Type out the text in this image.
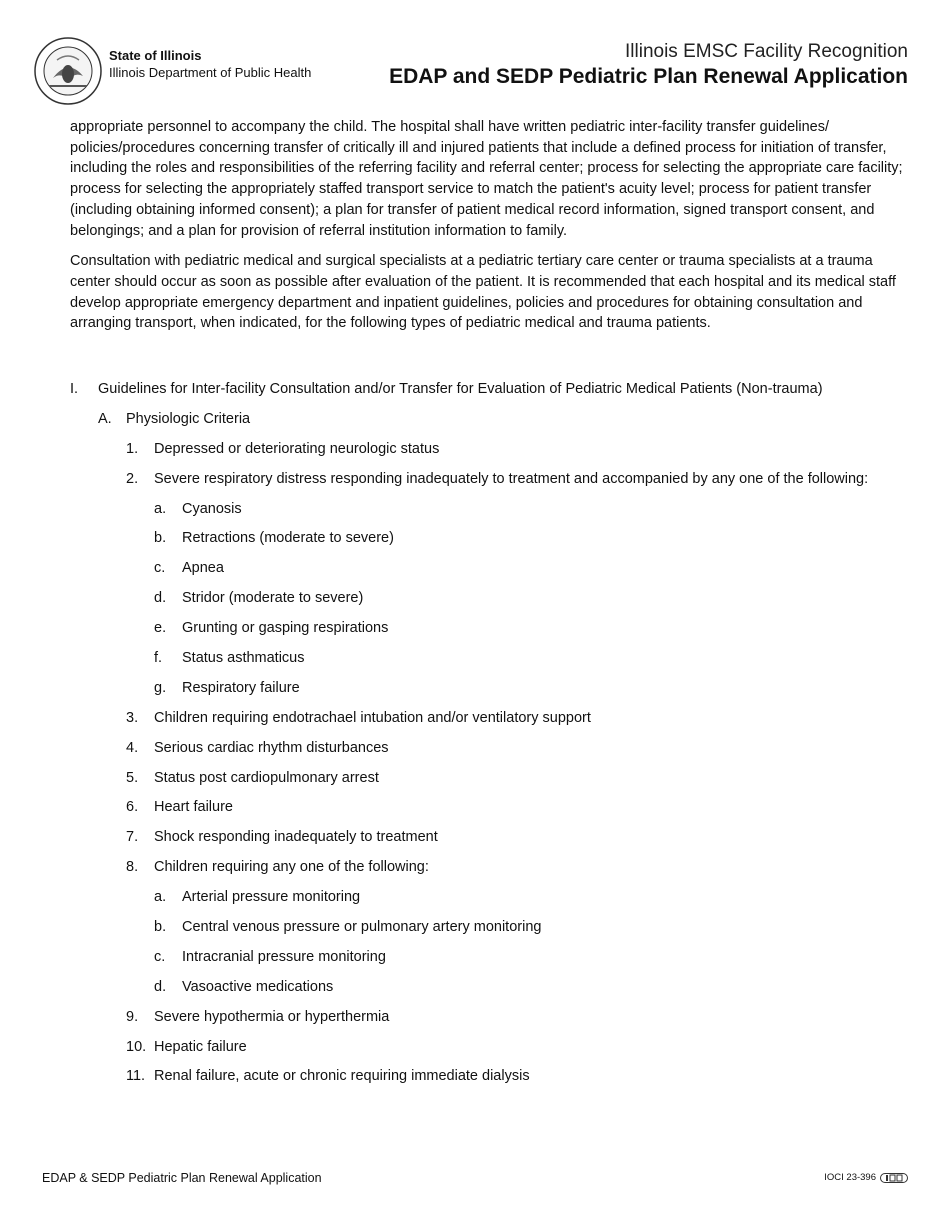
State of Illinois
Illinois Department of Public Health
Illinois EMSC Facility Recognition
EDAP and SEDP Pediatric Plan Renewal Application

appropriate personnel to accompany the child. The hospital shall have written pediatric inter-facility transfer guidelines/ policies/procedures concerning transfer of critically ill and injured patients that include a defined process for initiation of transfer, including the roles and responsibilities of the referring facility and referral center; process for selecting the appropriate care facility; process for selecting the appropriately staffed transport service to match the patient's acuity level; process for patient transfer (including obtaining informed consent); a plan for transfer of patient medical record information, signed transport consent, and belongings; and a plan for provision of referral institution information to family.

Consultation with pediatric medical and surgical specialists at a pediatric tertiary care center or trauma specialists at a trauma center should occur as soon as possible after evaluation of the patient. It is recommended that each hospital and its medical staff develop appropriate emergency department and inpatient guidelines, policies and procedures for obtaining consultation and arranging transport, when indicated, for the following types of pediatric medical and trauma patients.

I. Guidelines for Inter-facility Consultation and/or Transfer for Evaluation of Pediatric Medical Patients (Non-trauma)
A. Physiologic Criteria
1. Depressed or deteriorating neurologic status
2. Severe respiratory distress responding inadequately to treatment and accompanied by any one of the following:
a. Cyanosis
b. Retractions (moderate to severe)
c. Apnea
d. Stridor (moderate to severe)
e. Grunting or gasping respirations
f. Status asthmaticus
g. Respiratory failure
3. Children requiring endotrachael intubation and/or ventilatory support
4. Serious cardiac rhythm disturbances
5. Status post cardiopulmonary arrest
6. Heart failure
7. Shock responding inadequately to treatment
8. Children requiring any one of the following:
a. Arterial pressure monitoring
b. Central venous pressure or pulmonary artery monitoring
c. Intracranial pressure monitoring
d. Vasoactive medications
9. Severe hypothermia or hyperthermia
10. Hepatic failure
11. Renal failure, acute or chronic requiring immediate dialysis
EDAP & SEDP Pediatric Plan Renewal Application	IOCI 23-396
